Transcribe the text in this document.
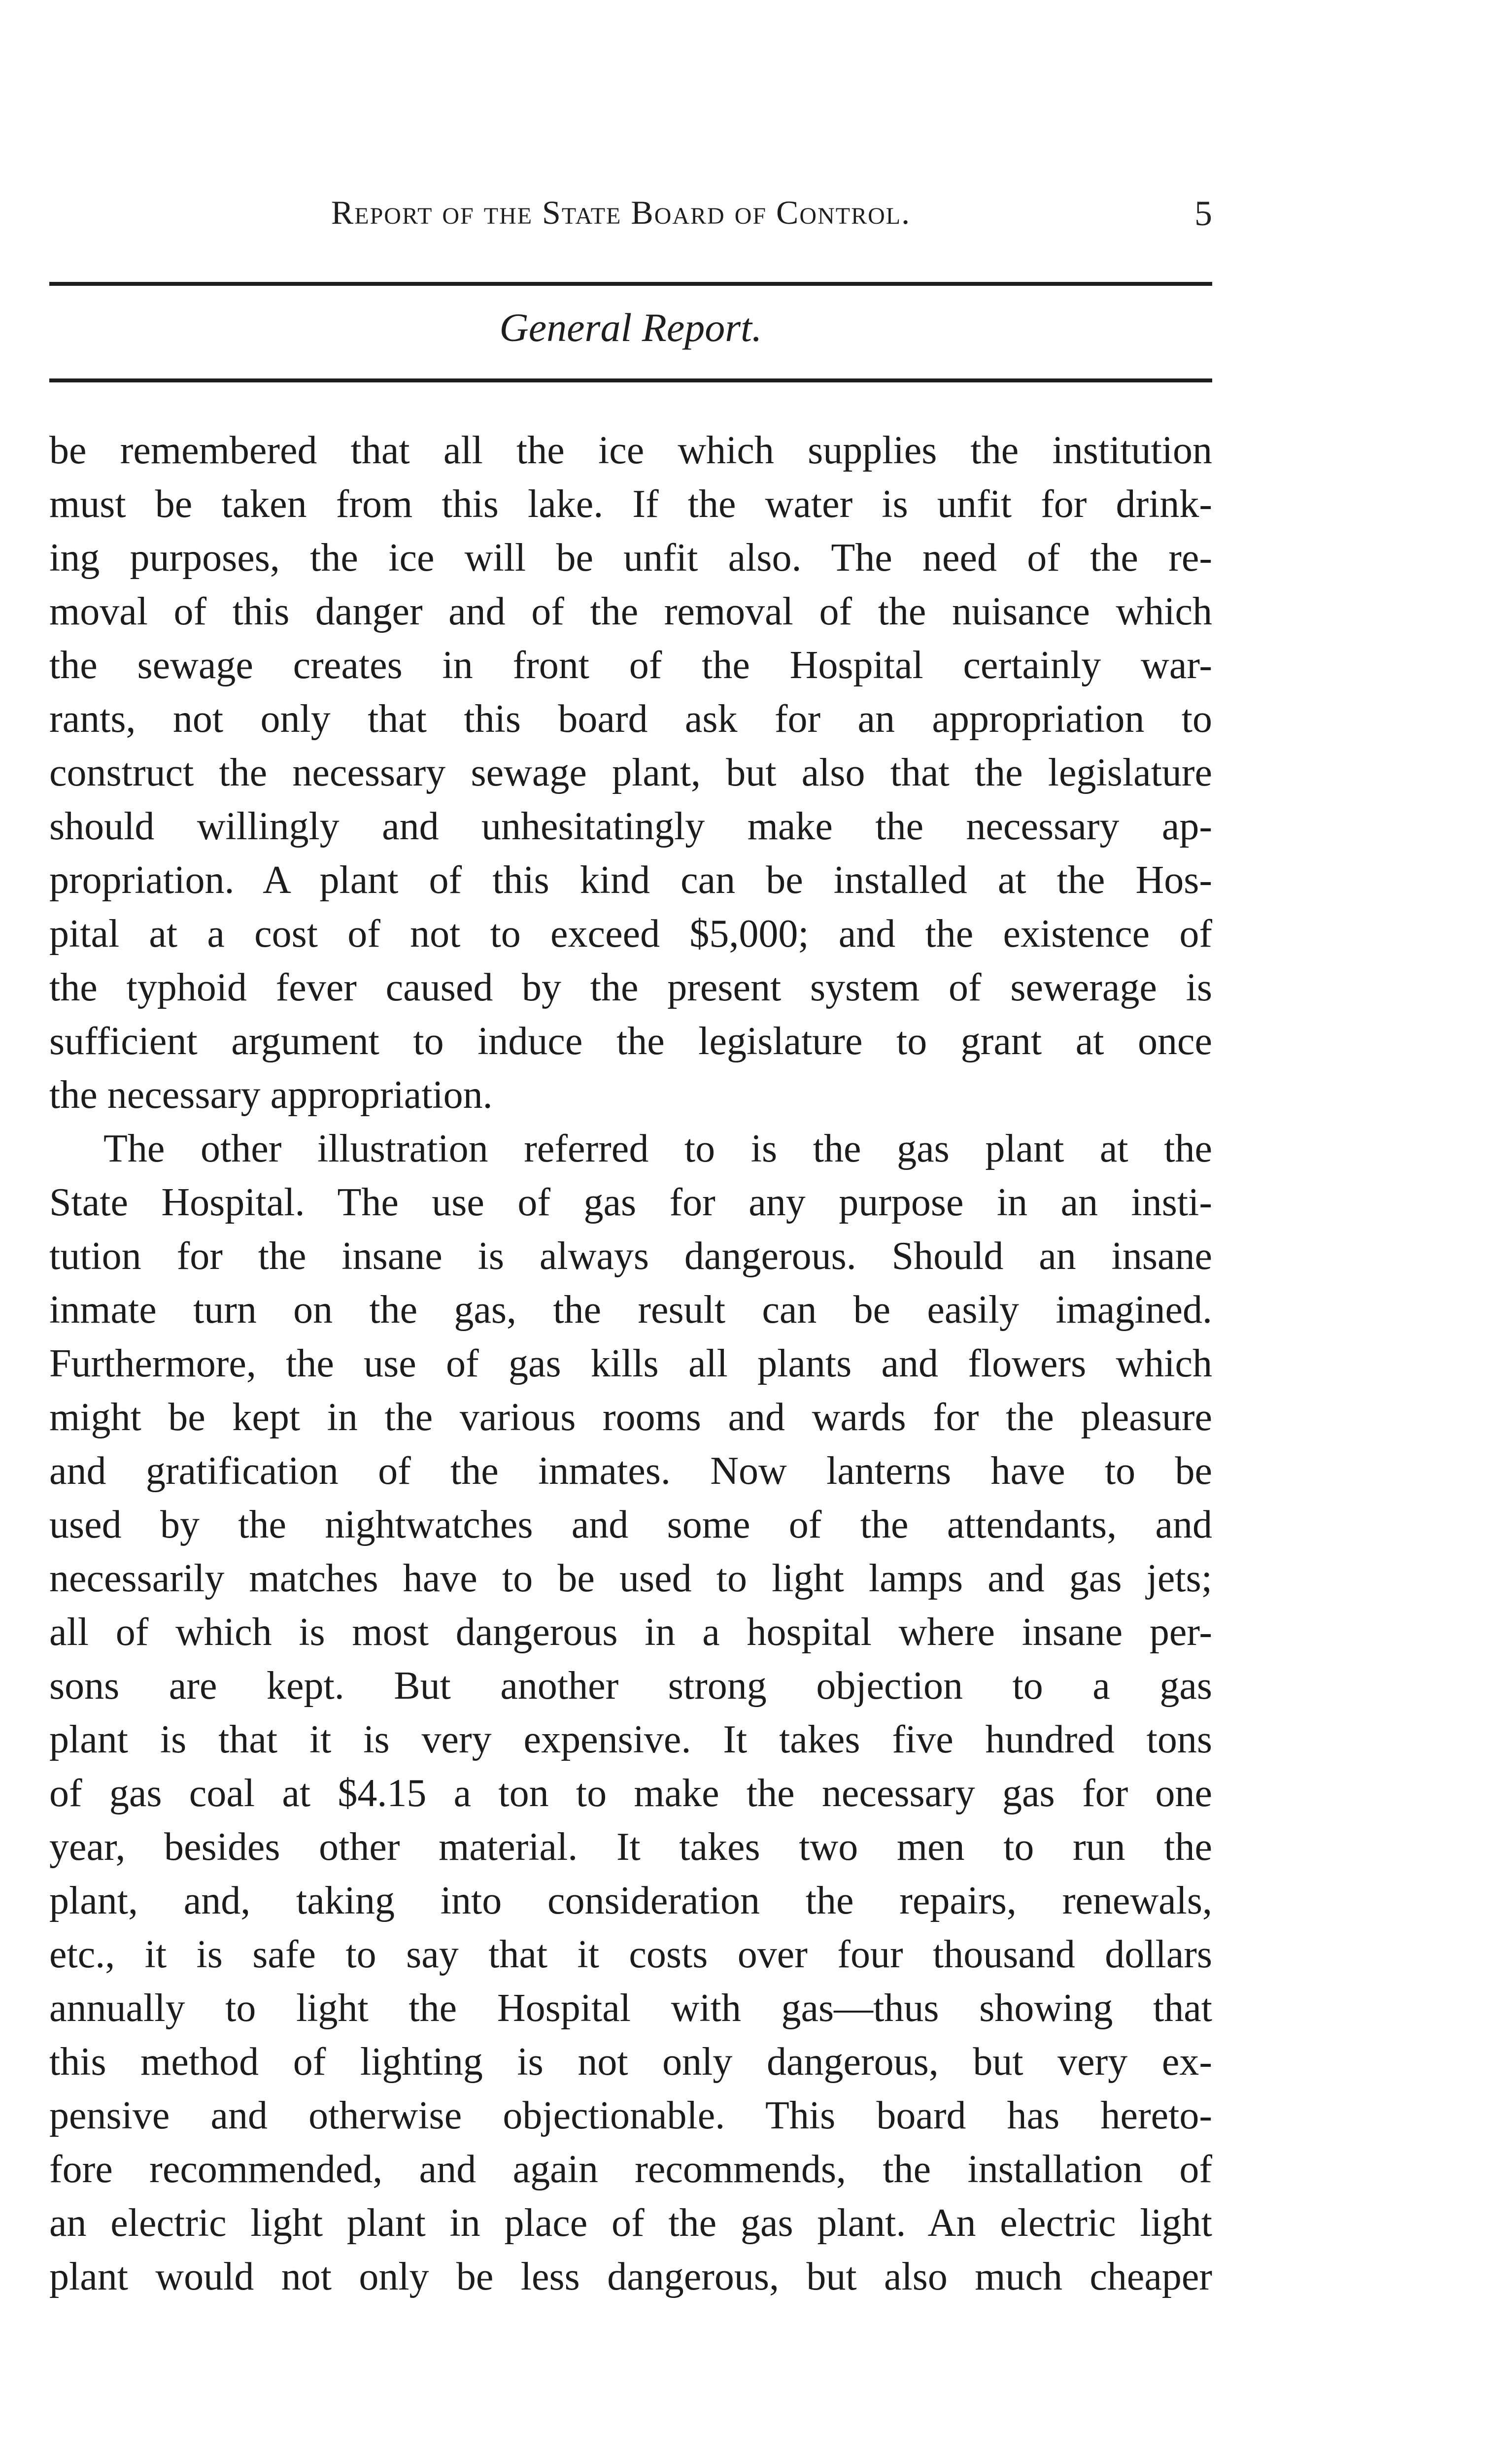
Report of the State Board of Control.	5
General Report.
be remembered that all the ice which supplies the institution
must be taken from this lake. If the water is unfit for drink-
ing purposes, the ice will be unfit also. The need of the re-
moval of this danger and of the removal of the nuisance which
the sewage creates in front of the Hospital certainly war-
rants, not only that this board ask for an appropriation to
construct the necessary sewage plant, but also that the legislature
should willingly and unhesitatingly make the necessary ap-
propriation. A plant of this kind can be installed at the Hos-
pital at a cost of not to exceed $5,000; and the existence of
the typhoid fever caused by the present system of sewerage is
sufficient argument to induce the legislature to grant at once
the necessary appropriation.
The other illustration referred to is the gas plant at the
State Hospital. The use of gas for any purpose in an insti-
tution for the insane is always dangerous. Should an insane
inmate turn on the gas, the result can be easily imagined.
Furthermore, the use of gas kills all plants and flowers which
might be kept in the various rooms and wards for the pleasure
and gratification of the inmates. Now lanterns have to be
used by the nightwatches and some of the attendants, and
necessarily matches have to be used to light lamps and gas jets;
all of which is most dangerous in a hospital where insane per-
sons are kept. But another strong objection to a gas
plant is that it is very expensive. It takes five hundred tons
of gas coal at $4.15 a ton to make the necessary gas for one
year, besides other material. It takes two men to run the
plant, and, taking into consideration the repairs, renewals,
etc., it is safe to say that it costs over four thousand dollars
annually to light the Hospital with gas—thus showing that
this method of lighting is not only dangerous, but very ex-
pensive and otherwise objectionable. This board has hereto-
fore recommended, and again recommends, the installation of
an electric light plant in place of the gas plant. An electric light
plant would not only be less dangerous, but also much cheaper
